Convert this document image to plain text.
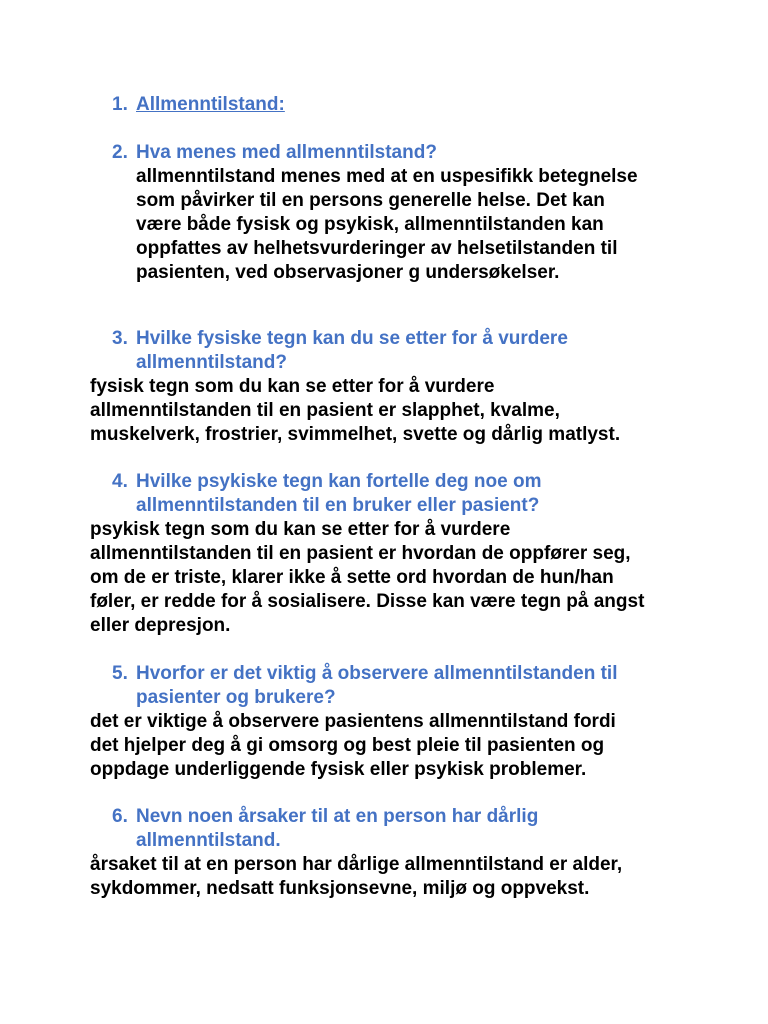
1. Allmenntilstand:
2. Hva menes med allmenntilstand?
allmenntilstand menes med at en uspesifikk betegnelse
som påvirker til en persons generelle helse. Det kan
være både fysisk og psykisk, allmenntilstanden kan
oppfattes av helhetsvurderinger av helsetilstanden til
pasienten, ved observasjoner g undersøkelser.
3. Hvilke fysiske tegn kan du se etter for å vurdere
allmenntilstand?
fysisk tegn som du kan se etter for å vurdere
allmenntilstanden til en pasient er slapphet, kvalme,
muskelverk, frostrier, svimmelhet, svette og dårlig matlyst.
4. Hvilke psykiske tegn kan fortelle deg noe om
allmenntilstanden til en bruker eller pasient?
psykisk tegn som du kan se etter for å vurdere
allmenntilstanden til en pasient er hvordan de oppfører seg,
om de er triste, klarer ikke å sette ord hvordan de hun/han
føler, er redde for å sosialisere. Disse kan være tegn på angst
eller depresjon.
5. Hvorfor er det viktig å observere allmenntilstanden til
pasienter og brukere?
det er viktige å observere pasientens allmenntilstand fordi
det hjelper deg å gi omsorg og best pleie til pasienten og
oppdage underliggende fysisk eller psykisk problemer.
6. Nevn noen årsaker til at en person har dårlig
allmenntilstand.
årsaket til at en person har dårlige allmenntilstand er alder,
sykdommer, nedsatt funksjonsevne, miljø og oppvekst.
